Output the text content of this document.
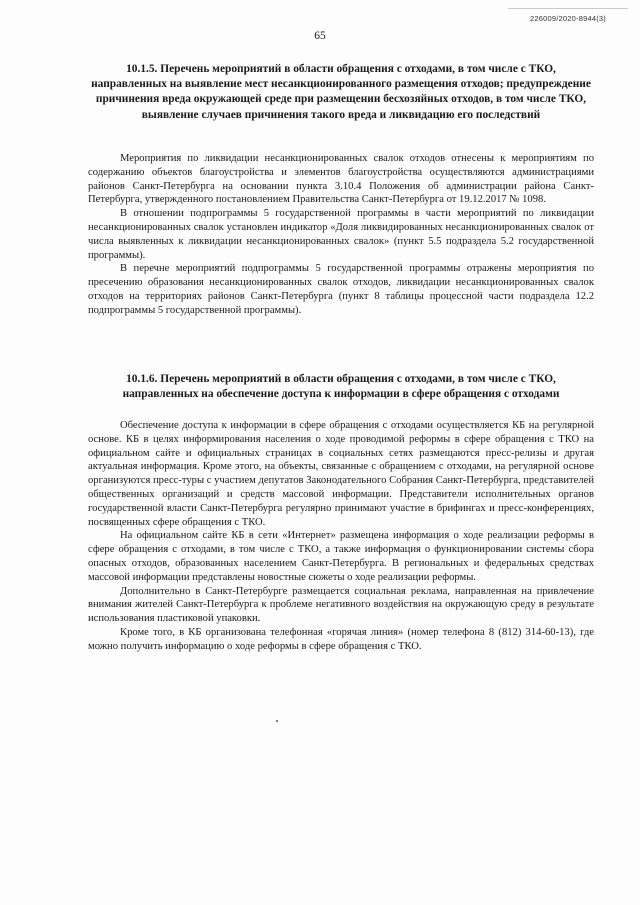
226009/2020-8944(3)
65

10.1.5. Перечень мероприятий в области обращения с отходами, в том числе с ТКО, направленных на выявление мест несанкционированного размещения отходов; предупреждение причинения вреда окружающей среде при размещении бесхозяйных отходов, в том числе ТКО, выявление случаев причинения такого вреда и ликвидацию его последствий

Мероприятия по ликвидации несанкционированных свалок отходов отнесены к мероприятиям по содержанию объектов благоустройства и элементов благоустройства осуществляются администрациями районов Санкт-Петербурга на основании пункта 3.10.4 Положения об администрации района Санкт-Петербурга, утвержденного постановлением Правительства Санкт-Петербурга от 19.12.2017 № 1098.

В отношении подпрограммы 5 государственной программы в части мероприятий по ликвидации несанкционированных свалок установлен индикатор «Доля ликвидированных несанкционированных свалок от числа выявленных к ликвидации несанкционированных свалок» (пункт 5.5 подраздела 5.2 государственной программы).

В перечне мероприятий подпрограммы 5 государственной программы отражены мероприятия по пресечению образования несанкционированных свалок отходов, ликвидации несанкционированных свалок отходов на территориях районов Санкт-Петербурга (пункт 8 таблицы процессной части подраздела 12.2 подпрограммы 5 государственной программы).

10.1.6. Перечень мероприятий в области обращения с отходами, в том числе с ТКО, направленных на обеспечение доступа к информации в сфере обращения с отходами

Обеспечение доступа к информации в сфере обращения с отходами осуществляется КБ на регулярной основе. КБ в целях информирования населения о ходе проводимой реформы в сфере обращения с ТКО на официальном сайте и официальных страницах в социальных сетях размещаются пресс-релизы и другая актуальная информация. Кроме этого, на объекты, связанные с обращением с отходами, на регулярной основе организуются пресс-туры с участием депутатов Законодательного Собрания Санкт-Петербурга, представителей общественных организаций и средств массовой информации. Представители исполнительных органов государственной власти Санкт-Петербурга регулярно принимают участие в брифингах и пресс-конференциях, посвященных сфере обращения с ТКО.

На официальном сайте КБ в сети «Интернет» размещена информация о ходе реализации реформы в сфере обращения с отходами, в том числе с ТКО, а также информация о функционировании системы сбора опасных отходов, образованных населением Санкт-Петербурга. В региональных и федеральных средствах массовой информации представлены новостные сюжеты о ходе реализации реформы.

Дополнительно в Санкт-Петербурге размещается социальная реклама, направленная на привлечение внимания жителей Санкт-Петербурга к проблеме негативного воздействия на окружающую среду в результате использования пластиковой упаковки.

Кроме того, в КБ организована телефонная «горячая линия» (номер телефона 8 (812) 314-60-13), где можно получить информацию о ходе реформы в сфере обращения с ТКО.
